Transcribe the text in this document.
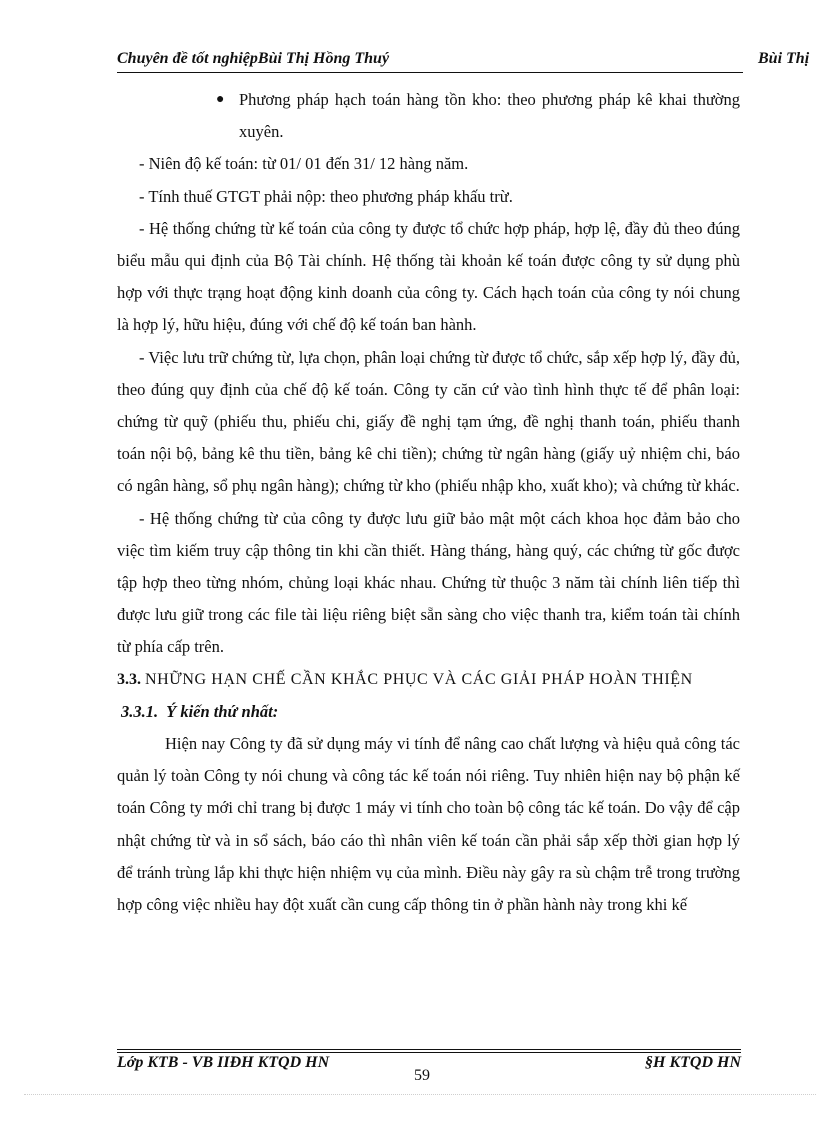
Chuyên đề tốt nghiệpBùi Thị Hồng Thuý	Bùi Thị

● Phương pháp hạch toán hàng tồn kho: theo phương pháp kê khai thường xuyên.

- Niên độ kế toán: từ 01/ 01 đến 31/ 12 hàng năm.

- Tính thuế GTGT phải nộp: theo phương pháp khấu trừ.

- Hệ thống chứng từ kế toán của công ty được tổ chức hợp pháp, hợp lệ, đầy đủ theo đúng biểu mẫu qui định của Bộ Tài chính. Hệ thống tài khoản kế toán được công ty sử dụng phù hợp với thực trạng hoạt động kinh doanh của công ty. Cách hạch toán của công ty nói chung là hợp lý, hữu hiệu, đúng với chế độ kế toán ban hành.

- Việc lưu trữ chứng từ, lựa chọn, phân loại chứng từ được tổ chức, sắp xếp hợp lý, đầy đủ, theo đúng quy định của chế độ kế toán. Công ty căn cứ vào tình hình thực tế để phân loại: chứng từ quỹ (phiếu thu, phiếu chi, giấy đề nghị tạm ứng, đề nghị thanh toán, phiếu thanh toán nội bộ, bảng kê thu tiền, bảng kê chi tiền); chứng từ ngân hàng (giấy uỷ nhiệm chi, báo có ngân hàng, sổ phụ ngân hàng); chứng từ kho (phiếu nhập kho, xuất kho); và chứng từ khác.

- Hệ thống chứng từ của công ty được lưu giữ bảo mật một cách khoa học đảm bảo cho việc tìm kiếm truy cập thông tin khi cần thiết. Hàng tháng, hàng quý, các chứng từ gốc được tập hợp theo từng nhóm, chủng loại khác nhau. Chứng từ thuộc 3 năm tài chính liên tiếp thì được lưu giữ trong các file tài liệu riêng biệt sẵn sàng cho việc thanh tra, kiểm toán tài chính từ phía cấp trên.

3.3. NHỮNG HẠN CHẾ CẦN KHẮC PHỤC VÀ CÁC GIẢI PHÁP HOÀN THIỆN

3.3.1. Ý kiến thứ nhất:

Hiện nay Công ty đã sử dụng máy vi tính để nâng cao chất lượng và hiệu quả công tác quản lý toàn Công ty nói chung và công tác kế toán nói riêng. Tuy nhiên hiện nay bộ phận kế toán Công ty mới chỉ trang bị được 1 máy vi tính cho toàn bộ công tác kế toán. Do vậy để cập nhật chứng từ và in sổ sách, báo cáo thì nhân viên kế toán cần phải sắp xếp thời gian hợp lý để tránh trùng lắp khi thực hiện nhiệm vụ của mình. Điều này gây ra sù chậm trễ trong trường hợp công việc nhiều hay đột xuất cần cung cấp thông tin ở phần hành này trong khi kế

Lớp KTB - VB IIĐH KTQD HN	§H KTQD HN
59
